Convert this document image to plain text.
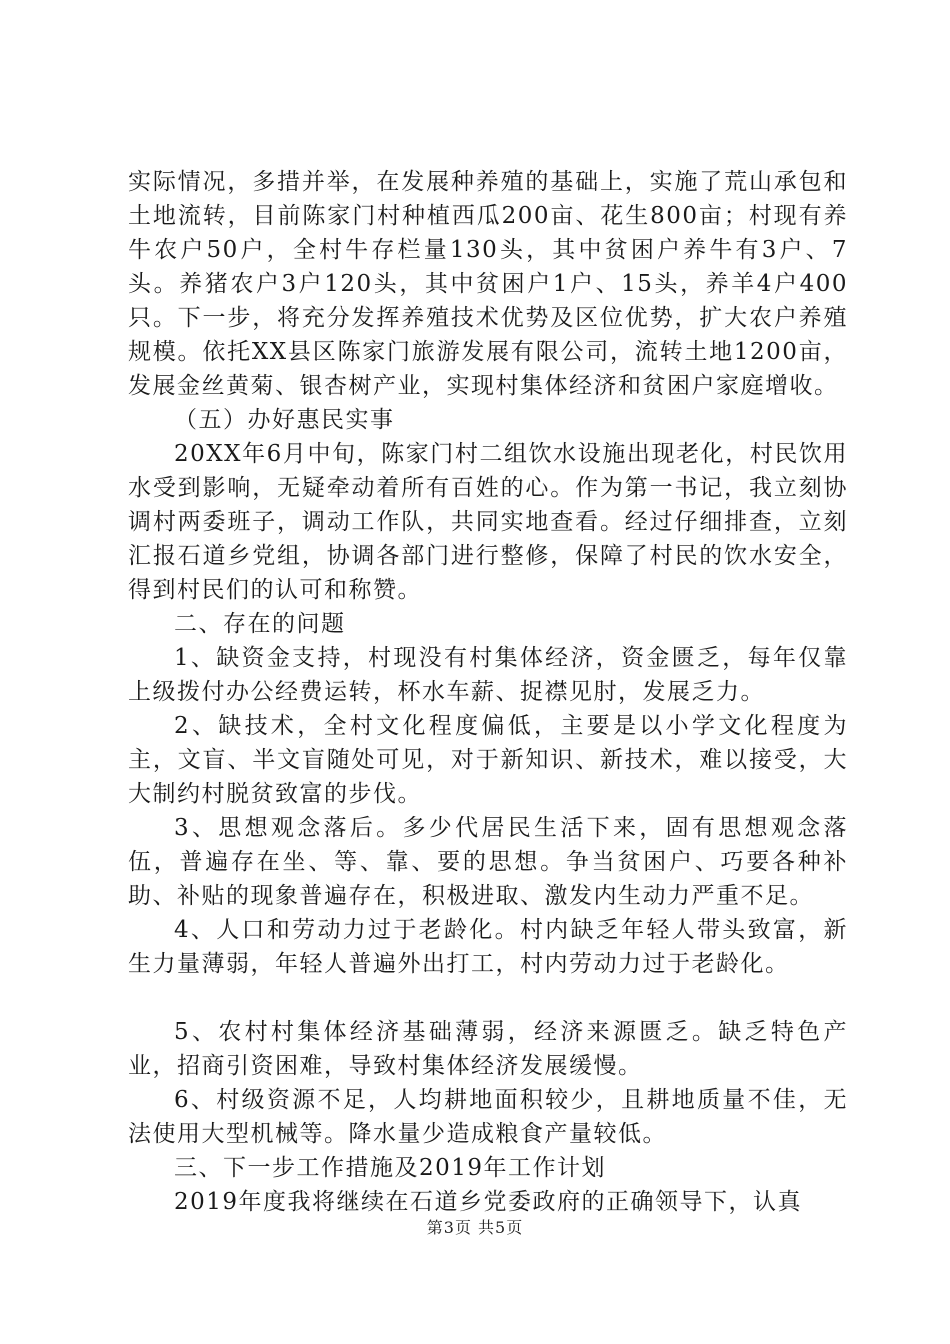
实际情况，多措并举，在发展种养殖的基础上，实施了荒山承包和土地流转，目前陈家门村种植西瓜200亩、花生800亩；村现有养牛农户50户，全村牛存栏量130头，其中贫困户养牛有3户、7头。养猪农户3户120头，其中贫困户1户、15头，养羊4户400只。下一步，将充分发挥养殖技术优势及区位优势，扩大农户养殖规模。依托XX县区陈家门旅游发展有限公司，流转土地1200亩，发展金丝黄菊、银杏树产业，实现村集体经济和贫困户家庭增收。

（五）办好惠民实事

20XX年6月中旬，陈家门村二组饮水设施出现老化，村民饮用水受到影响，无疑牵动着所有百姓的心。作为第一书记，我立刻协调村两委班子，调动工作队，共同实地查看。经过仔细排查，立刻汇报石道乡党组，协调各部门进行整修，保障了村民的饮水安全，得到村民们的认可和称赞。

二、存在的问题

1、缺资金支持，村现没有村集体经济，资金匮乏，每年仅靠上级拨付办公经费运转，杯水车薪、捉襟见肘，发展乏力。

2、缺技术，全村文化程度偏低，主要是以小学文化程度为主，文盲、半文盲随处可见，对于新知识、新技术，难以接受，大大制约村脱贫致富的步伐。

3、思想观念落后。多少代居民生活下来，固有思想观念落伍，普遍存在坐、等、靠、要的思想。争当贫困户、巧要各种补助、补贴的现象普遍存在，积极进取、激发内生动力严重不足。

4、人口和劳动力过于老龄化。村内缺乏年轻人带头致富，新生力量薄弱，年轻人普遍外出打工，村内劳动力过于老龄化。

5、农村村集体经济基础薄弱，经济来源匮乏。缺乏特色产业，招商引资困难，导致村集体经济发展缓慢。

6、村级资源不足，人均耕地面积较少，且耕地质量不佳，无法使用大型机械等。降水量少造成粮食产量较低。

三、下一步工作措施及2019年工作计划

2019年度我将继续在石道乡党委政府的正确领导下，认真

第3页 共5页
